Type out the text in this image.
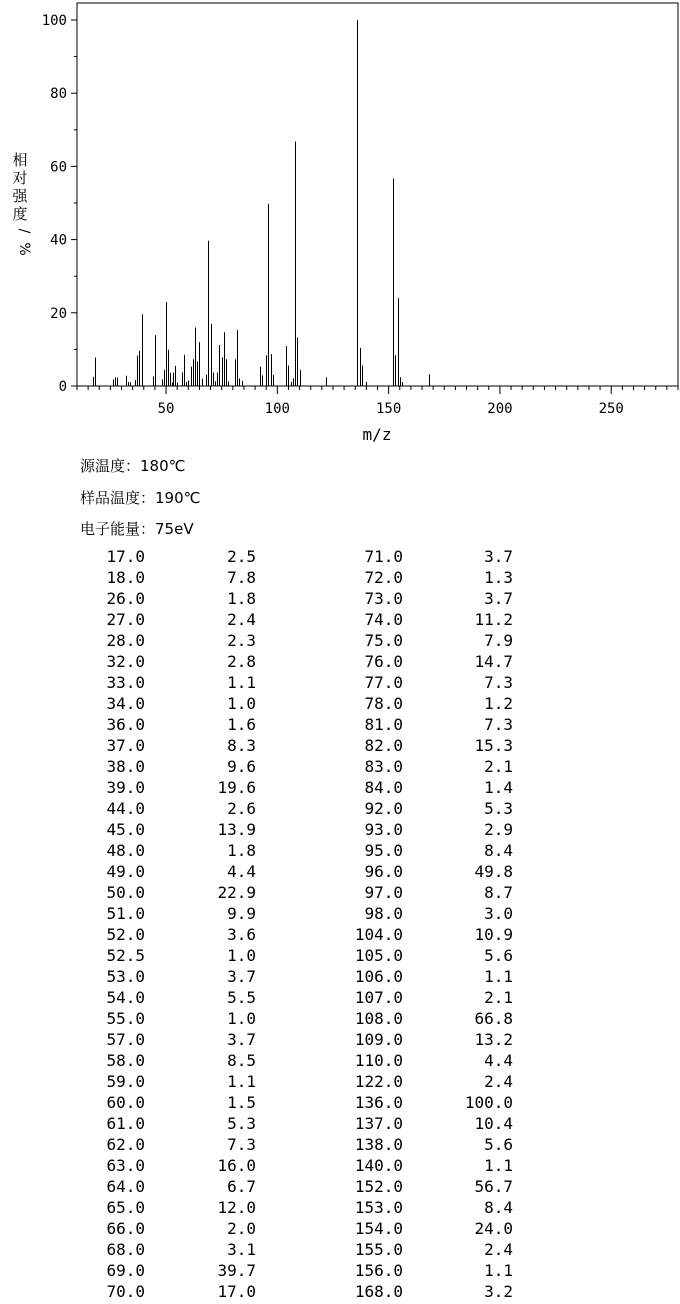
0
20
40
60
80
100
50	100	150	200	250
m/z
相
对
强
度
/
%
源温度：180℃
样品温度：190℃
电子能量：75eV
17.0	2.5	71.0	3.7
18.0	7.8	72.0	1.3
26.0	1.8	73.0	3.7
27.0	2.4	74.0	11.2
28.0	2.3	75.0	7.9
32.0	2.8	76.0	14.7
33.0	1.1	77.0	7.3
34.0	1.0	78.0	1.2
36.0	1.6	81.0	7.3
37.0	8.3	82.0	15.3
38.0	9.6	83.0	2.1
39.0	19.6	84.0	1.4
44.0	2.6	92.0	5.3
45.0	13.9	93.0	2.9
48.0	1.8	95.0	8.4
49.0	4.4	96.0	49.8
50.0	22.9	97.0	8.7
51.0	9.9	98.0	3.0
52.0	3.6	104.0	10.9
52.5	1.0	105.0	5.6
53.0	3.7	106.0	1.1
54.0	5.5	107.0	2.1
55.0	1.0	108.0	66.8
57.0	3.7	109.0	13.2
58.0	8.5	110.0	4.4
59.0	1.1	122.0	2.4
60.0	1.5	136.0	100.0
61.0	5.3	137.0	10.4
62.0	7.3	138.0	5.6
63.0	16.0	140.0	1.1
64.0	6.7	152.0	56.7
65.0	12.0	153.0	8.4
66.0	2.0	154.0	24.0
68.0	3.1	155.0	2.4
69.0	39.7	156.0	1.1
70.0	17.0	168.0	3.2
